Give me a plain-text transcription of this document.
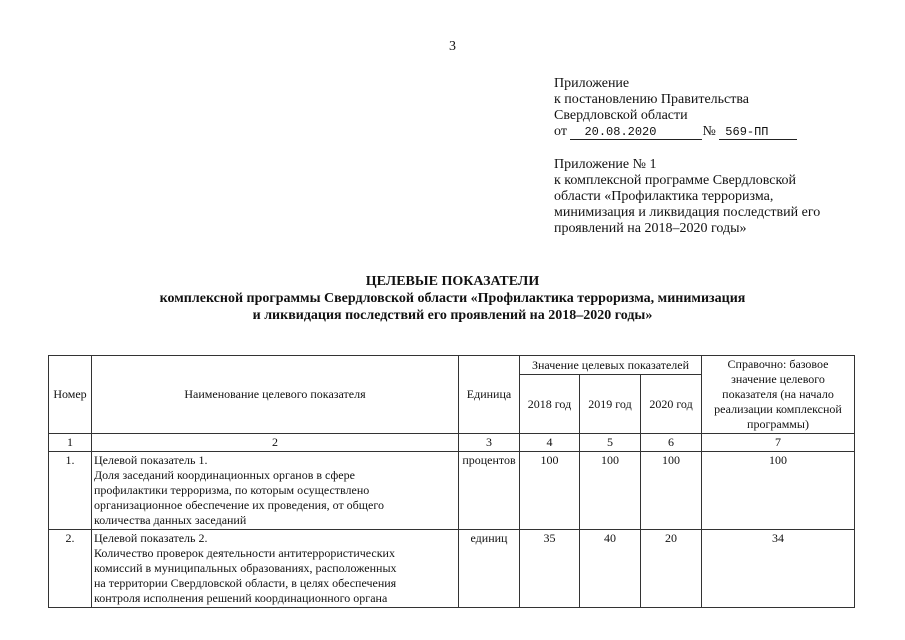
3
Приложение
к постановлению Правительства
Свердловской области
от 20.08.2020	№ 569-ПП
Приложение № 1
к комплексной программе Свердловской
области «Профилактика терроризма,
минимизация и ликвидация последствий его
проявлений на 2018–2020 годы»
ЦЕЛЕВЫЕ ПОКАЗАТЕЛИ
комплексной программы Свердловской области «Профилактика терроризма, минимизация
и ликвидация последствий его проявлений на 2018–2020 годы»
Номер	Наименование целевого показателя	Единица	Значение целевых показателей			Справочно: базовое значение целевого показателя (на начало реализации комплексной программы)
			2018 год	2019 год	2020 год	
1	2	3	4	5	6	7
1.	Целевой показатель 1.
Доля заседаний координационных органов в сфере
профилактики терроризма, по которым осуществлено
организационное обеспечение их проведения, от общего
количества данных заседаний	процентов	100	100	100	100
2.	Целевой показатель 2.
Количество проверок деятельности антитеррористических
комиссий в муниципальных образованиях, расположенных
на территории Свердловской области, в целях обеспечения
контроля исполнения решений координационного органа	единиц	35	40	20	34
